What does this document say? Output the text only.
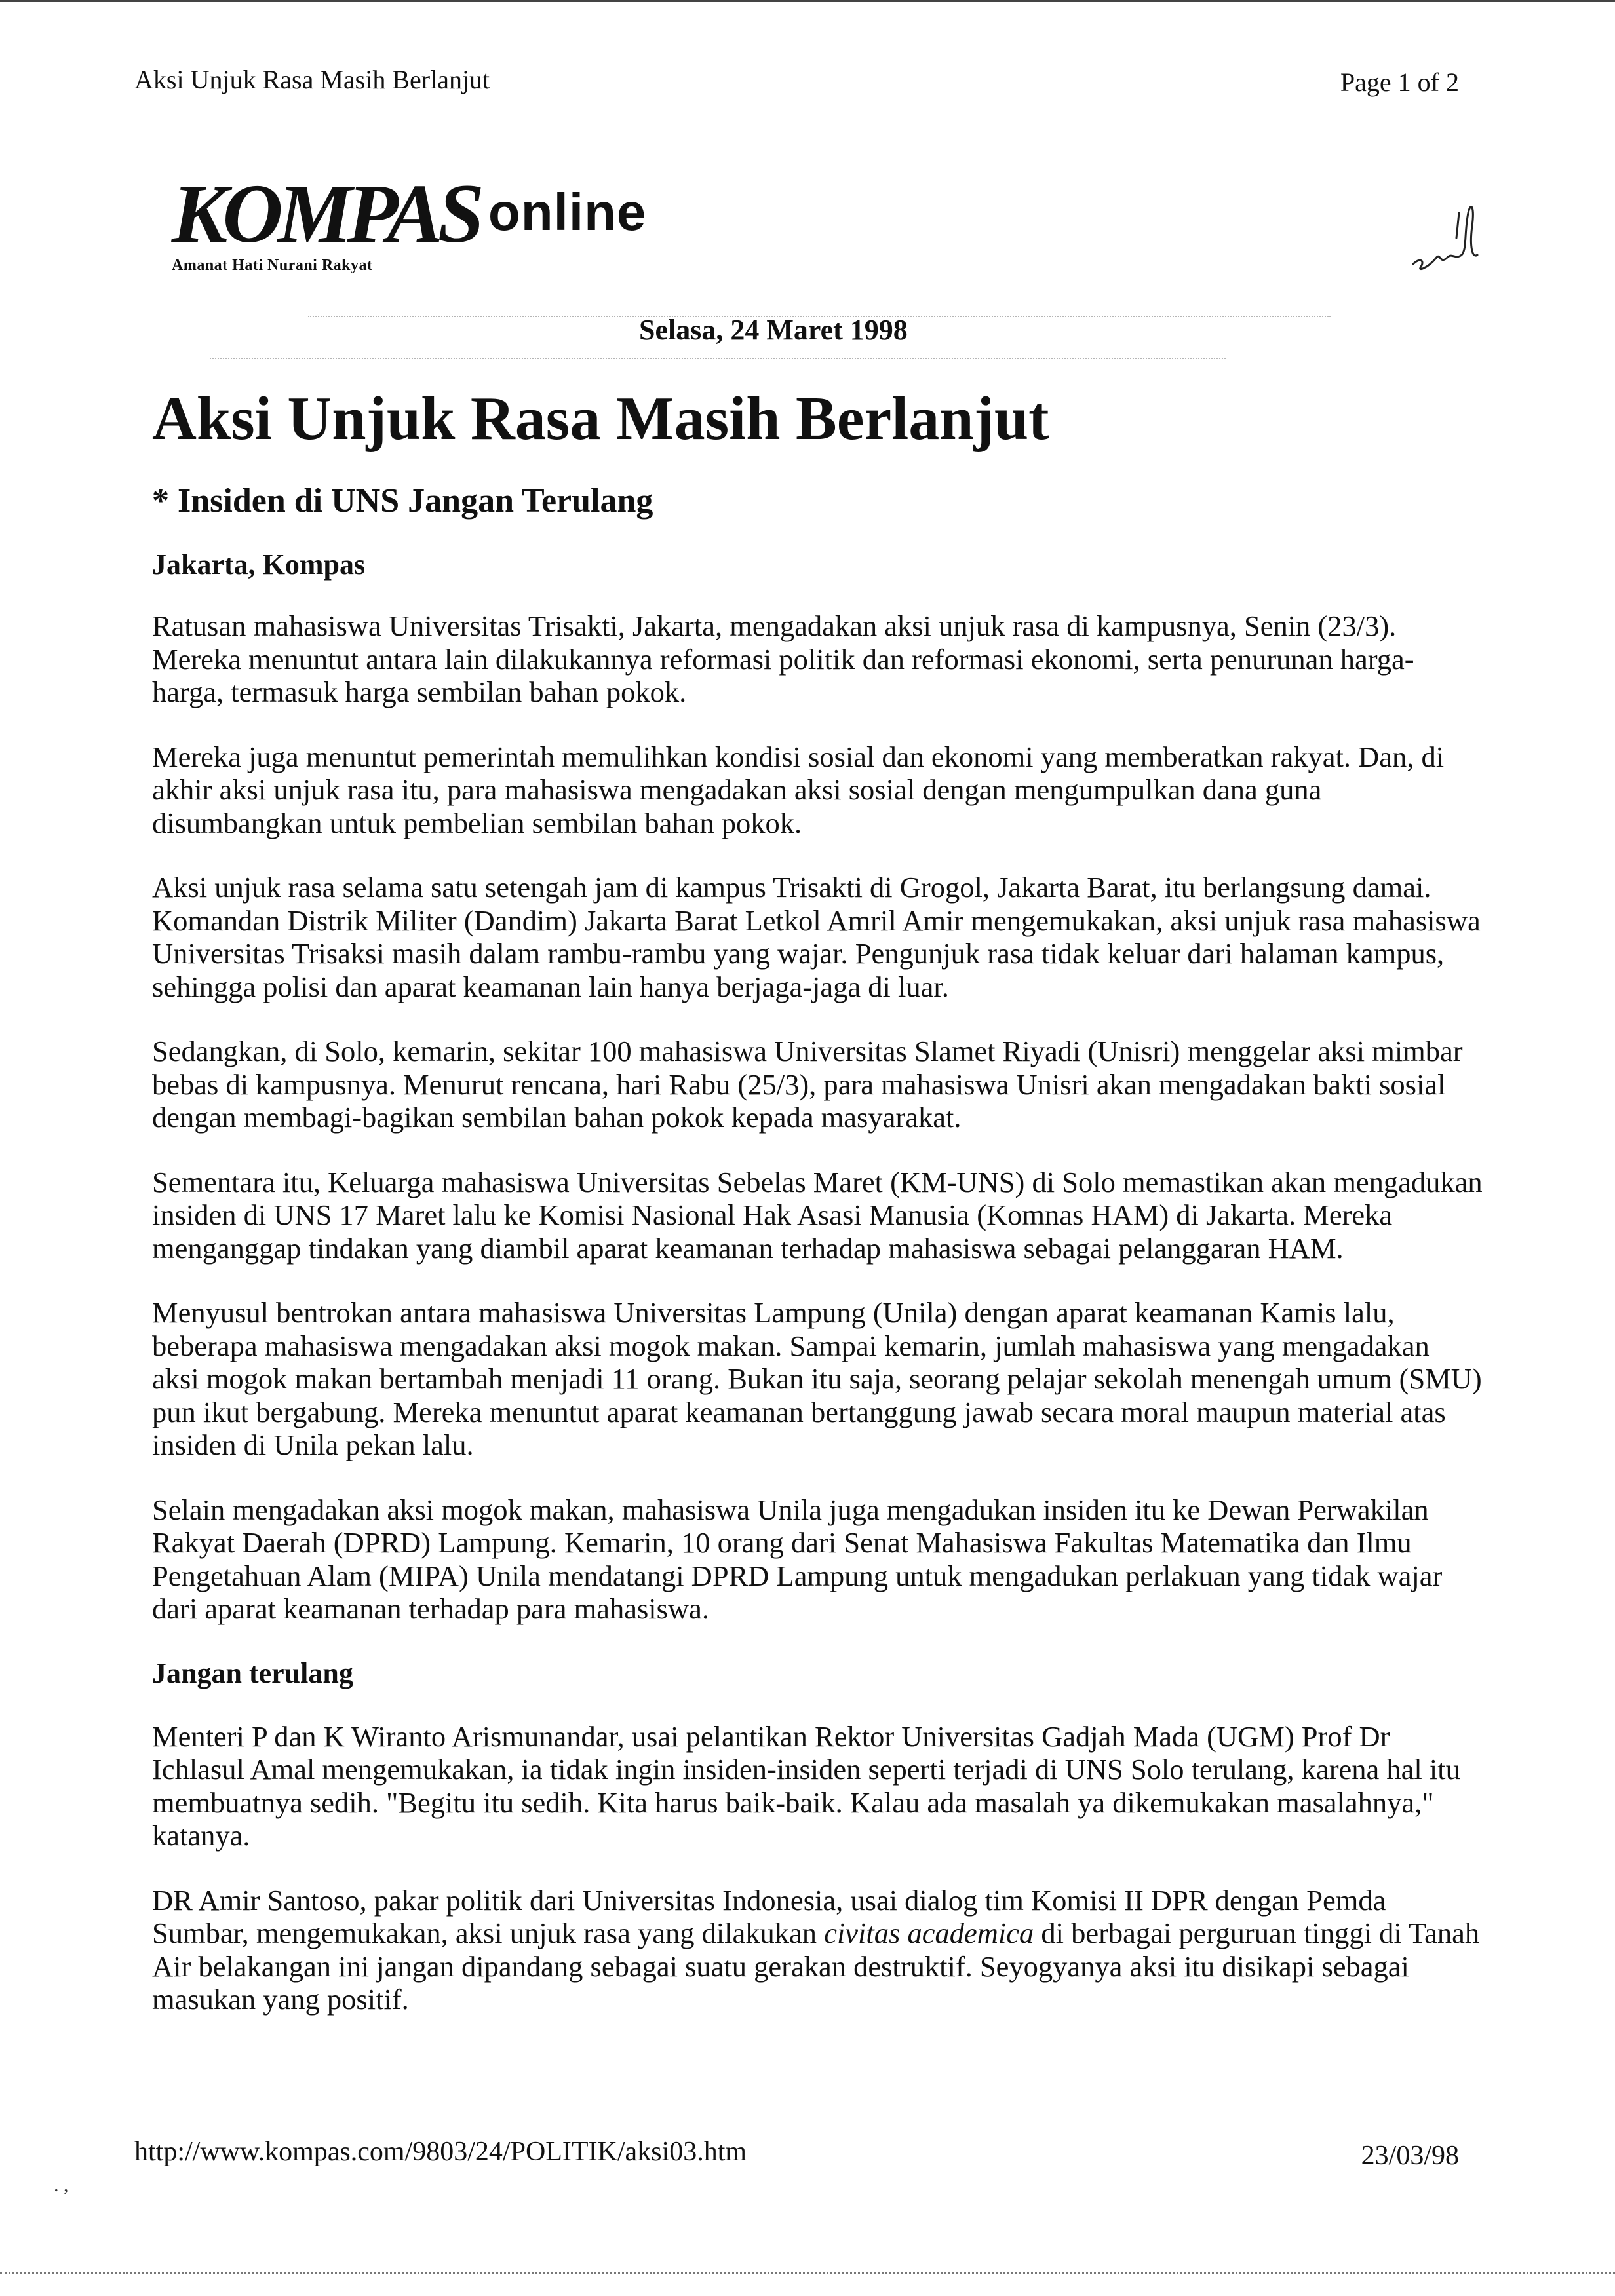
Aksi Unjuk Rasa Masih Berlanjut	Page 1 of 2
KOMPAS online
Amanat Hati Nurani Rakyat
Selasa, 24 Maret 1998
Aksi Unjuk Rasa Masih Berlanjut
* Insiden di UNS Jangan Terulang
Jakarta, Kompas

Ratusan mahasiswa Universitas Trisakti, Jakarta, mengadakan aksi unjuk rasa di kampusnya, Senin (23/3). Mereka menuntut antara lain dilakukannya reformasi politik dan reformasi ekonomi, serta penurunan harga-harga, termasuk harga sembilan bahan pokok.

Mereka juga menuntut pemerintah memulihkan kondisi sosial dan ekonomi yang memberatkan rakyat. Dan, di akhir aksi unjuk rasa itu, para mahasiswa mengadakan aksi sosial dengan mengumpulkan dana guna disumbangkan untuk pembelian sembilan bahan pokok.

Aksi unjuk rasa selama satu setengah jam di kampus Trisakti di Grogol, Jakarta Barat, itu berlangsung damai. Komandan Distrik Militer (Dandim) Jakarta Barat Letkol Amril Amir mengemukakan, aksi unjuk rasa mahasiswa Universitas Trisaksi masih dalam rambu-rambu yang wajar. Pengunjuk rasa tidak keluar dari halaman kampus, sehingga polisi dan aparat keamanan lain hanya berjaga-jaga di luar.

Sedangkan, di Solo, kemarin, sekitar 100 mahasiswa Universitas Slamet Riyadi (Unisri) menggelar aksi mimbar bebas di kampusnya. Menurut rencana, hari Rabu (25/3), para mahasiswa Unisri akan mengadakan bakti sosial dengan membagi-bagikan sembilan bahan pokok kepada masyarakat.

Sementara itu, Keluarga mahasiswa Universitas Sebelas Maret (KM-UNS) di Solo memastikan akan mengadukan insiden di UNS 17 Maret lalu ke Komisi Nasional Hak Asasi Manusia (Komnas HAM) di Jakarta. Mereka menganggap tindakan yang diambil aparat keamanan terhadap mahasiswa sebagai pelanggaran HAM.

Menyusul bentrokan antara mahasiswa Universitas Lampung (Unila) dengan aparat keamanan Kamis lalu, beberapa mahasiswa mengadakan aksi mogok makan. Sampai kemarin, jumlah mahasiswa yang mengadakan aksi mogok makan bertambah menjadi 11 orang. Bukan itu saja, seorang pelajar sekolah menengah umum (SMU) pun ikut bergabung. Mereka menuntut aparat keamanan bertanggung jawab secara moral maupun material atas insiden di Unila pekan lalu.

Selain mengadakan aksi mogok makan, mahasiswa Unila juga mengadukan insiden itu ke Dewan Perwakilan Rakyat Daerah (DPRD) Lampung. Kemarin, 10 orang dari Senat Mahasiswa Fakultas Matematika dan Ilmu Pengetahuan Alam (MIPA) Unila mendatangi DPRD Lampung untuk mengadukan perlakuan yang tidak wajar dari aparat keamanan terhadap para mahasiswa.

Jangan terulang

Menteri P dan K Wiranto Arismunandar, usai pelantikan Rektor Universitas Gadjah Mada (UGM) Prof Dr Ichlasul Amal mengemukakan, ia tidak ingin insiden-insiden seperti terjadi di UNS Solo terulang, karena hal itu membuatnya sedih. "Begitu itu sedih. Kita harus baik-baik. Kalau ada masalah ya dikemukakan masalahnya," katanya.

DR Amir Santoso, pakar politik dari Universitas Indonesia, usai dialog tim Komisi II DPR dengan Pemda Sumbar, mengemukakan, aksi unjuk rasa yang dilakukan civitas academica di berbagai perguruan tinggi di Tanah Air belakangan ini jangan dipandang sebagai suatu gerakan destruktif. Seyogyanya aksi itu disikapi sebagai masukan yang positif.

http://www.kompas.com/9803/24/POLITIK/aksi03.htm	23/03/98
. ,
